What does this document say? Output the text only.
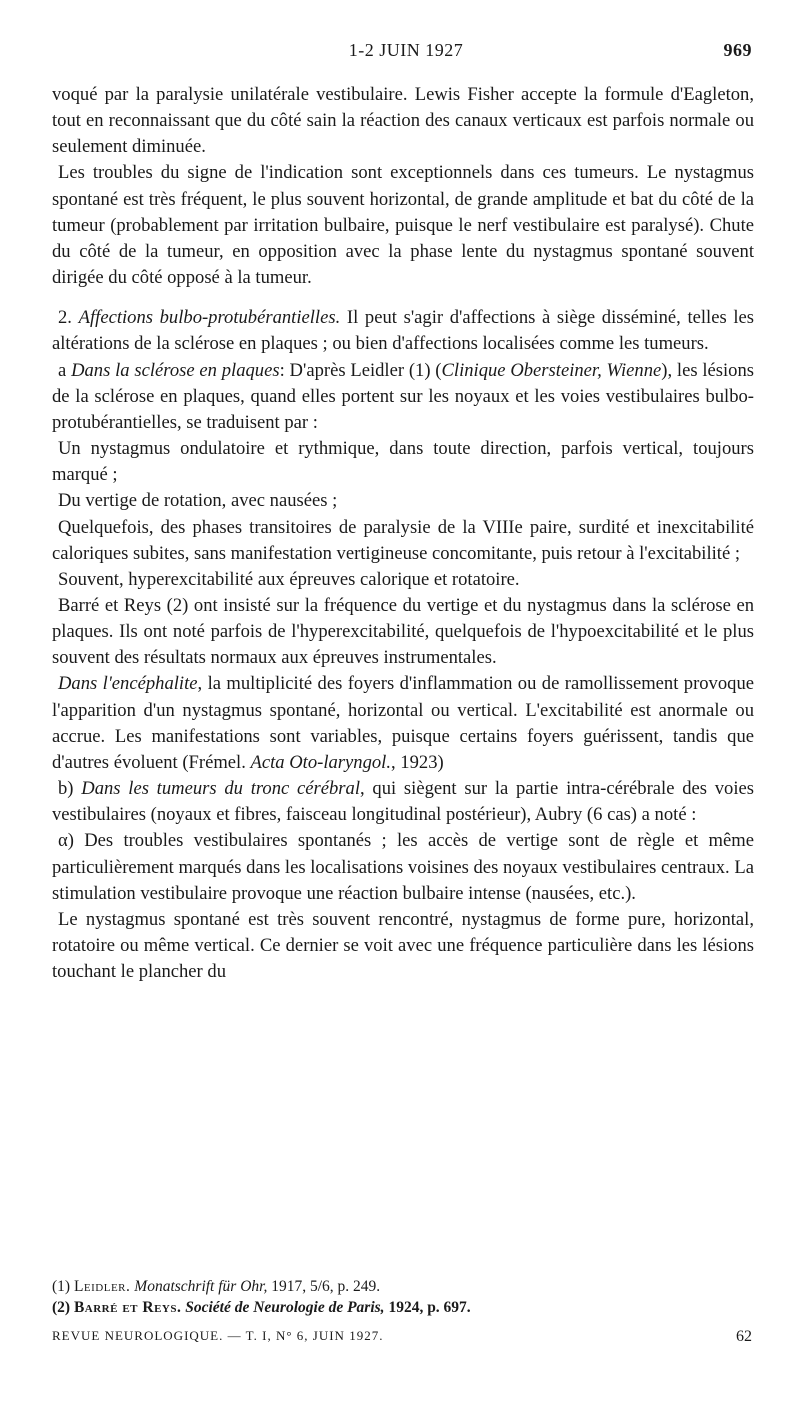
1-2 JUIN 1927	969

voqué par la paralysie unilatérale vestibulaire. Lewis Fisher accepte la formule d'Eagleton, tout en reconnaissant que du côté sain la réaction des canaux verticaux est parfois normale ou seulement diminuée.

Les troubles du signe de l'indication sont exceptionnels dans ces tumeurs. Le nystagmus spontané est très fréquent, le plus souvent horizontal, de grande amplitude et bat du côté de la tumeur (probablement par irritation bulbaire, puisque le nerf vestibulaire est paralysé). Chute du côté de la tumeur, en opposition avec la phase lente du nystagmus spontané souvent dirigée du côté opposé à la tumeur.

2. Affections bulbo-protubérantielles. Il peut s'agir d'affections à siège disséminé, telles les altérations de la sclérose en plaques ; ou bien d'affections localisées comme les tumeurs.

a Dans la sclérose en plaques: D'après Leidler (1) (Clinique Obersteiner, Wienne), les lésions de la sclérose en plaques, quand elles portent sur les noyaux et les voies vestibulaires bulbo-protubérantielles, se traduisent par :

Un nystagmus ondulatoire et rythmique, dans toute direction, parfois vertical, toujours marqué ;

Du vertige de rotation, avec nausées ;

Quelquefois, des phases transitoires de paralysie de la VIIIe paire, surdité et inexcitabilité caloriques subites, sans manifestation vertigineuse concomitante, puis retour à l'excitabilité ;

Souvent, hyperexcitabilité aux épreuves calorique et rotatoire.

Barré et Reys (2) ont insisté sur la fréquence du vertige et du nystagmus dans la sclérose en plaques. Ils ont noté parfois de l'hyperexcitabilité, quelquefois de l'hypoexcitabilité et le plus souvent des résultats normaux aux épreuves instrumentales.

Dans l'encéphalite, la multiplicité des foyers d'inflammation ou de ramollissement provoque l'apparition d'un nystagmus spontané, horizontal ou vertical. L'excitabilité est anormale ou accrue. Les manifestations sont variables, puisque certains foyers guérissent, tandis que d'autres évoluent (Frémel. Acta Oto-laryngol., 1923)

b) Dans les tumeurs du tronc cérébral, qui siègent sur la partie intra-cérébrale des voies vestibulaires (noyaux et fibres, faisceau longitudinal postérieur), Aubry (6 cas) a noté :

α) Des troubles vestibulaires spontanés ; les accès de vertige sont de règle et même particulièrement marqués dans les localisations voisines des noyaux vestibulaires centraux. La stimulation vestibulaire provoque une réaction bulbaire intense (nausées, etc.).

Le nystagmus spontané est très souvent rencontré, nystagmus de forme pure, horizontal, rotatoire ou même vertical. Ce dernier se voit avec une fréquence particulière dans les lésions touchant le plancher du

(1) Leidler. Monatschrift für Ohr, 1917, 5/6, p. 249.
(2) Barré et Reys. Société de Neurologie de Paris, 1924, p. 697.
REVUE NEUROLOGIQUE. — T. I, N° 6, JUIN 1927.	62
